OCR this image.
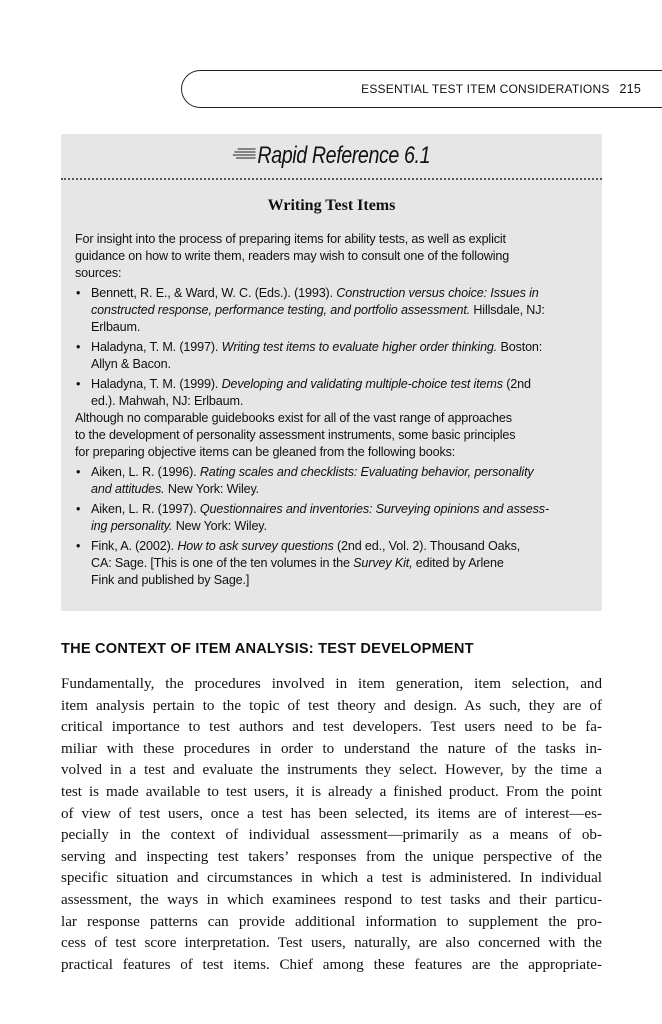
ESSENTIAL TEST ITEM CONSIDERATIONS 215
Rapid Reference 6.1
Writing Test Items

For insight into the process of preparing items for ability tests, as well as explicit
guidance on how to write them, readers may wish to consult one of the following
sources:

• Bennett, R. E., & Ward, W. C. (Eds.). (1993). Construction versus choice: Issues in
constructed response, performance testing, and portfolio assessment. Hillsdale, NJ:
Erlbaum.
• Haladyna, T. M. (1997). Writing test items to evaluate higher order thinking. Boston:
Allyn & Bacon.
• Haladyna, T. M. (1999). Developing and validating multiple-choice test items (2nd
ed.). Mahwah, NJ: Erlbaum.

Although no comparable guidebooks exist for all of the vast range of approaches
to the development of personality assessment instruments, some basic principles
for preparing objective items can be gleaned from the following books:

• Aiken, L. R. (1996). Rating scales and checklists: Evaluating behavior, personality
and attitudes. New York: Wiley.
• Aiken, L. R. (1997). Questionnaires and inventories: Surveying opinions and assess-
ing personality. New York: Wiley.
• Fink, A. (2002). How to ask survey questions (2nd ed., Vol. 2). Thousand Oaks,
CA: Sage. [This is one of the ten volumes in the Survey Kit, edited by Arlene
Fink and published by Sage.]
THE CONTEXT OF ITEM ANALYSIS: TEST DEVELOPMENT
Fundamentally, the procedures involved in item generation, item selection, and
item analysis pertain to the topic of test theory and design. As such, they are of
critical importance to test authors and test developers. Test users need to be fa-
miliar with these procedures in order to understand the nature of the tasks in-
volved in a test and evaluate the instruments they select. However, by the time a
test is made available to test users, it is already a finished product. From the point
of view of test users, once a test has been selected, its items are of interest—es-
pecially in the context of individual assessment—primarily as a means of ob-
serving and inspecting test takers’ responses from the unique perspective of the
specific situation and circumstances in which a test is administered. In individual
assessment, the ways in which examinees respond to test tasks and their particu-
lar response patterns can provide additional information to supplement the pro-
cess of test score interpretation. Test users, naturally, are also concerned with the
practical features of test items. Chief among these features are the appropriate-
